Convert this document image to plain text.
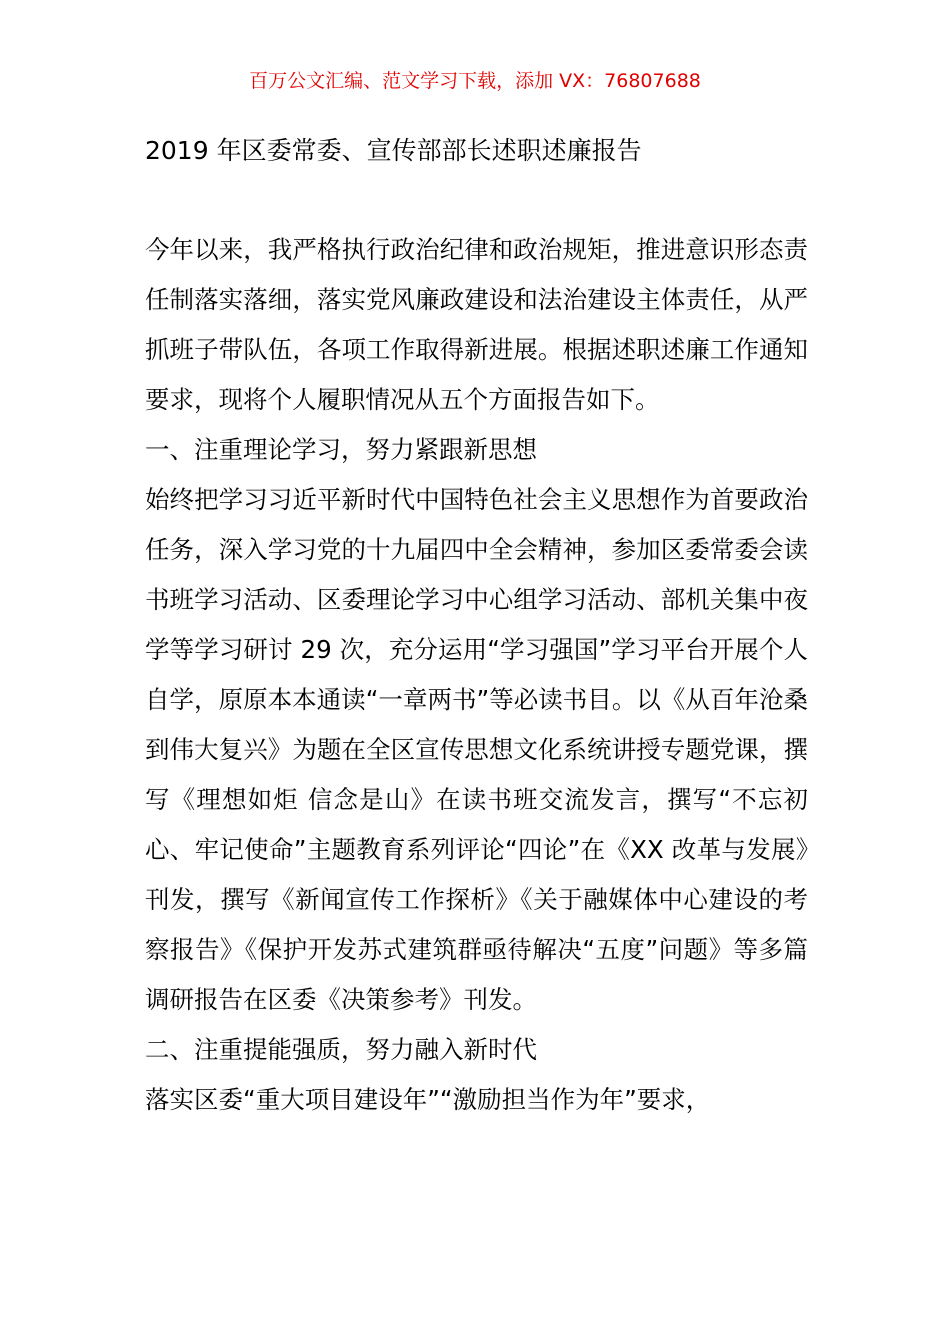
百万公文汇编、范文学习下载，添加 VX：76807688
2019 年区委常委、宣传部部长述职述廉报告

今年以来，我严格执行政治纪律和政治规矩，推进意识形态责任制落实落细，落实党风廉政建设和法治建设主体责任，从严抓班子带队伍，各项工作取得新进展。根据述职述廉工作通知要求，现将个人履职情况从五个方面报告如下。

一、注重理论学习，努力紧跟新思想

始终把学习习近平新时代中国特色社会主义思想作为首要政治任务，深入学习党的十九届四中全会精神，参加区委常委会读书班学习活动、区委理论学习中心组学习活动、部机关集中夜学等学习研讨 29 次，充分运用“学习强国”学习平台开展个人自学，原原本本通读“一章两书”等必读书目。以《从百年沧桑到伟大复兴》为题在全区宣传思想文化系统讲授专题党课，撰写《理想如炬 信念是山》在读书班交流发言，撰写“不忘初心、牢记使命”主题教育系列评论“四论”在《XX 改革与发展》刊发，撰写《新闻宣传工作探析》《关于融媒体中心建设的考察报告》《保护开发苏式建筑群亟待解决“五度”问题》等多篇调研报告在区委《决策参考》刊发。

二、注重提能强质，努力融入新时代

落实区委“重大项目建设年”“激励担当作为年”要求，
